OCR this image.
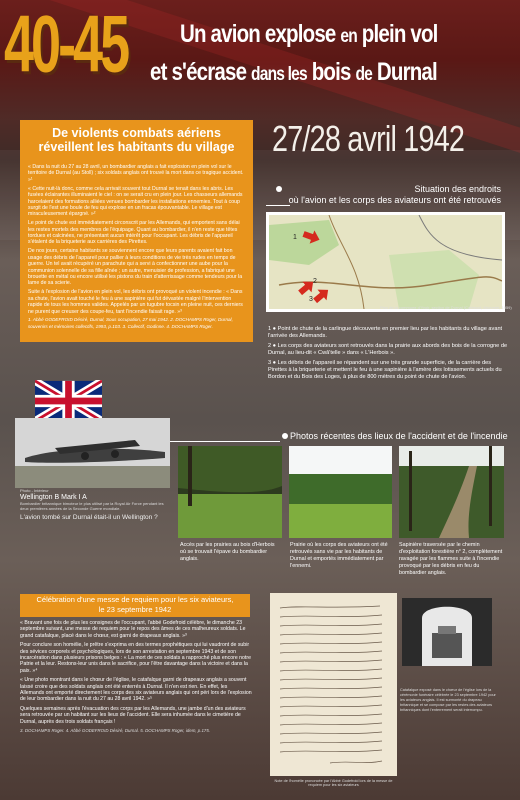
40-45 Un avion explose en plein vol
et s'écrase dans les bois de Durnal
27/28 avril 1942
De violents combats aériens réveillent les habitants du village

« Dans la nuit du 27 au 28 avril, un bombardier anglais a fait explosion en plein vol sur le territoire de Durnal (au Stoll) ; six soldats anglais ont trouvé la mort dans ce tragique accident. »¹

« Cette nuit-là donc, comme cela arrivait souvent tout Durnal se tenait dans les abris. Les fusées éclairantes illuminaient le ciel : on se serait cru en plein jour. Les chasseurs allemands harcelaient des formations alliées venues bombarder les installations ennemies. Tout à coup surgit de l'est une boule de feu qui explose en un fracas épouvantable. Le village est miraculeusement épargné. »²

Le point de chute est immédiatement circonscrit par les Allemands, qui emportent sans délai les restes mortels des membres de l'équipage. Quant au bombardier, il n'en reste que têtes tordues et calcinées, ne présentant aucun intérêt pour l'occupant. Les débris de l'appareil s'étalent de la briqueterie aux carrières des Pirettes.

De nos jours, certains habitants se souviennent encore que leurs parents avaient fait bon usage des débris de l'appareil pour pallier à leurs conditions de vie très rudes en temps de guerre. Un tel avait récupéré un parachute qui a servi à confectionner une aube pour la communion solennelle de sa fille aînée ; un autre, menuisier de profession, a fabriqué une brouette en métal ou encore utilisé les pistons du train d'atterrissage comme tendeurs pour la lame de sa scierie.

Suite à l'explosion de l'avion en plein vol, les débris ont provoqué un violent incendie : « Dans sa chute, l'avion avait touché le feu à une sapinière qui fut dévastée malgré l'intervention rapide de tous les hommes valides. Appelés par un tugubre tocsin en pleine nuit, ces derniers ne purent que creuser des coupe-feu, tant l'incendie faisait rage. »³

1. Abbé GODEFROID Désiré, Durnal, Sous occupation, 27 mai 1942. 2. DOCHAMPS Roger, Durnal, souvenirs et mémoires collectifs, 1993, p.103. 3. Collectif, Godinne. 4. DOCHAMPS Roger.

Situation des endroits
où l'avion et les corps des aviateurs ont été retrouvés
1
2
3
Plan de la commune d'Yvoir, section de Durnal (Cartosud, Abonnée, 1959)

1 ● Point de chute de la carlingue découverte en premier lieu par les habitants du village avant l'arrivée des Allemands.

2 ● Les corps des aviateurs sont retrouvés dans la prairie aux abords des bois de la corrogne de Durnal, au lieu-dit « Cwâ'telle » dans « L'Herbois ».

3 ● Les débris de l'appareil se répandent sur une très grande superficie, de la carrière des Pirettes à la briqueterie et mettent le feu à une sapinière à l'amère des lotissements actuels du Bordon et du Bois des Loges, à plus de 800 mètres du point de chute de l'avion.

Photo - Intérieur
Wellington B Mark I A
Bombardier britannique bimoteur le plus utilisé par la Royal Air Force pendant les deux premières années de la Seconde Guerre mondiale.
L'avion tombé sur Durnal était-il un Wellington ?
Photos récentes des lieux de l'accident et de l'incendie
Accès par les prairies au bois d'Herbois où se trouvait l'épave du bombardier anglais.
Prairie où les corps des aviateurs ont été retrouvés sans vie par les habitants de Durnal et emportés immédiatement par l'ennemi.
Sapinière traversée par le chemin d'exploitation forestière n° 2, complètement ravagée par les flammes suite à l'incendie provoqué par les débris en feu du bombardier anglais.
Célébration d'une messe de requiem pour les six aviateurs,
le 23 septembre 1942

« Bravant une fois de plus les consignes de l'occupant, l'abbé Godefroid célèbre, le dimanche 23 septembre suivant, une messe de requiem pour le repos des âmes de ces malheureux soldats. Le grand catafalque, placé dans le chœur, est garni de drapeaux anglais. »³

Pour conclure son homélie, le prêtre s'exprima en des termes prophétiques qui lui vaudront de subir des sévices corporels et psychologiques, lors de son arrestation en septembre 1943 et de son incarcération dans plusieurs prisons belges : « La mort de ces soldats a rapproché plus encore notre Patrie et la leur. Restons-leur unis dans le sacrifice, pour l'être davantage dans la victoire et dans la paix. »⁴

« Une photo montrant dans le chœur de l'église, le catafalque garni de drapeaux anglais a souvent laissé croire que des soldats anglais ont été enterrés à Durnal. Il n'en est rien. En effet, les Allemands ont emporté directement les corps des six aviateurs anglais qui ont péri lors de l'explosion de leur bombardier dans la nuit du 27 au 28 avril 1942. »⁵

Quelques semaines après l'évacuation des corps par les Allemands, une jambe d'un des aviateurs sera retrouvée par un habitant sur les lieux de l'accident. Elle sera inhumée dans le cimetière de Durnal, auprès des trois soldats français !

3. DOCHAMPS Roger. 4. Abbé GODEFROID Désiré, Durnal. 5. DOCHAMPS Roger, idem, p.175.

Note de l'homélie prononcée par l'Abbé Godefroid lors de la messe de requiem pour les six aviateurs
Catafalque exposé dans le chœur de l'église lors de la cérémonie funéraire célébrée le 23 septembre 1942 pour les aviateurs anglais. Il est surmonté du drapeau britannique et se compose par les restes des aviateurs britanniques dont l'enterrement serait interrompu.
